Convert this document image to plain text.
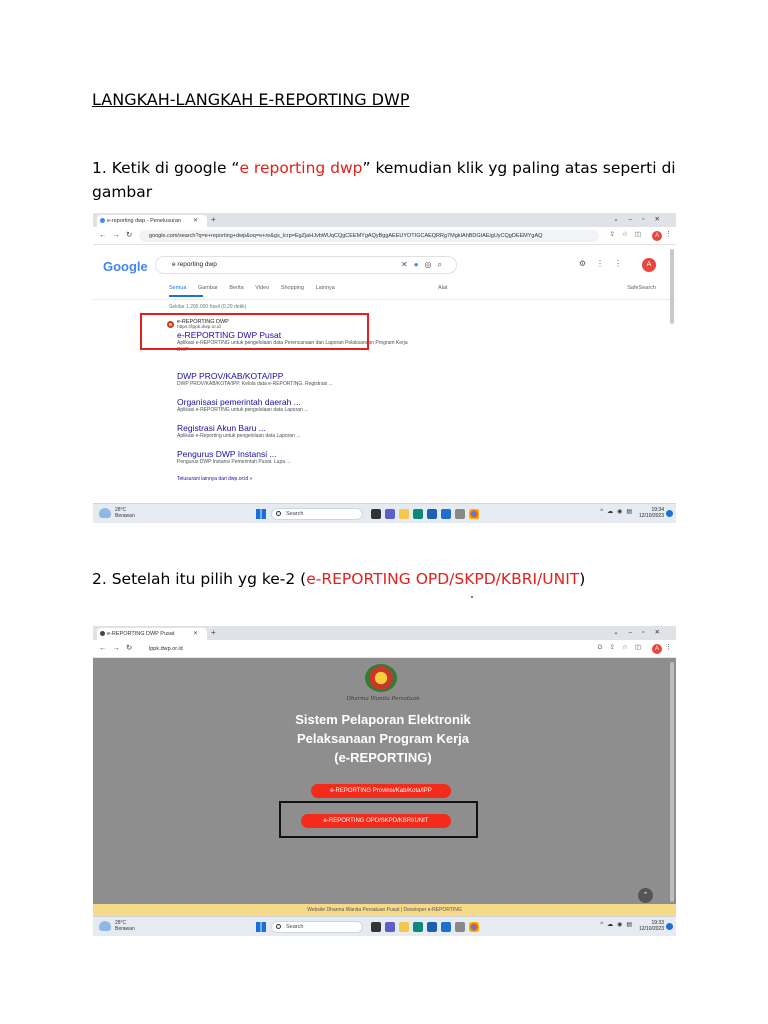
LANGKAH-LANGKAH E-REPORTING DWP
1. Ketik di google “e reporting dwp” kemudian klik yg paling atas seperti di gambar
e-reporting dwp - Penelusuran ✕ +	⌄–▫✕
←→↻	google.com/search?q=e+reporting+dwp&oq=e+re&gs_lcrp=EgZjaHJvbWUqCQgCEEMYgAQyBggAEEUYOTIGCAEQRRg7MgkIAhBDGIAEigUyCQgDEEMYgAQ	⇪☆◫	A ⋮
Google	e reporting dwp	✕●◎⌕	⚙⋮⋮	A
Semua Gambar Berita Video Shopping Lainnya	Alat	SafeSearch
Sekitar 1.200.000 hasil (0,29 detik)
e-REPORTING DWP
https://lppk.dwp.or.id
e-REPORTING DWP Pusat
Aplikasi e-REPORTING untuk pengelolaan data Perencanaan dan Laporan Pelaksanaan Program Kerja DWP
DWP PROV/KAB/KOTA/IPP
DWP PROV/KAB/KOTA/IPP. Kelola data e-REPORTING. Registrasi ...
Organisasi pemerintah daerah ...
Aplikasi e-REPORTING untuk pengelolaan data Laporan ...
Registrasi Akun Baru ...
Aplikasi e-Reporting untuk pengelolaan data Laporan ...
Pengurus DWP Instansi ...
Pengurus DWP Instansi Pemerintah Pusat. Lupa ...
Telusurani lainnya dari dwp.or.id »
28°C
Berawan	Search	^☁◉▤	19:34
12/10/2023
2. Setelah itu pilih yg ke-2 (e-REPORTING OPD/SKPD/KBRI/UNIT)
e-REPORTING DWP Pusat	✕ +	⌄–▫✕
←→↻	lppk.dwp.or.id	G⇪☆◫	A ⋮
Dharma Wanita Persatuan
Sistem Pelaporan Elektronik
Pelaksanaan Program Kerja
(e-REPORTING)
e-REPORTING Provinsi/Kab/Kota/IPP
e-REPORTING OPD/SKPD/KBRI/UNIT
⌃
Website Dharma Wanita Persatuan Pusat | Developer e-REPORTING
28°C
Berawan	Search	^☁◉▤	19:33
12/10/2023
